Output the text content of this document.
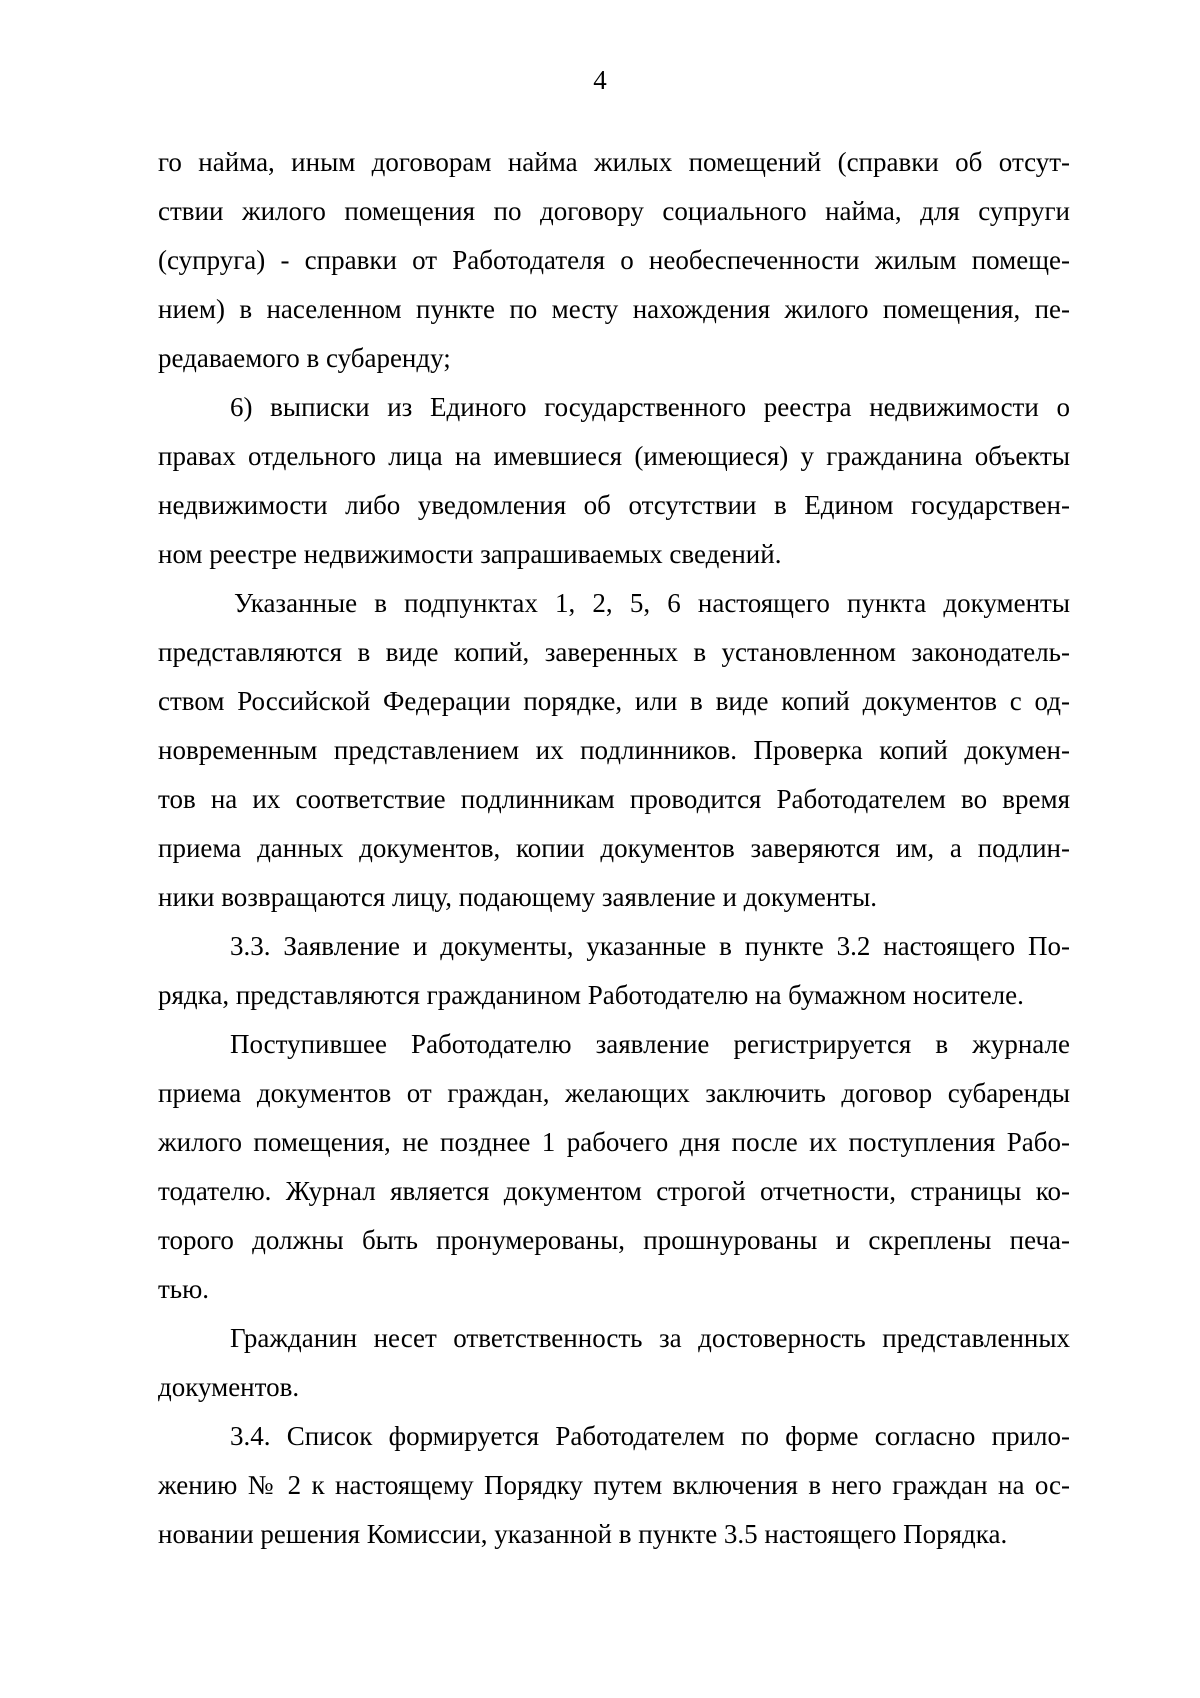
4
го найма, иным договорам найма жилых помещений (справки об отсут-
ствии жилого помещения по договору социального найма, для супруги
(супруга) - справки от Работодателя о необеспеченности жилым помеще-
нием) в населенном пункте по месту нахождения жилого помещения, пе-
редаваемого в субаренду;
6) выписки из Единого государственного реестра недвижимости о
правах отдельного лица на имевшиеся (имеющиеся) у гражданина объекты
недвижимости либо уведомления об отсутствии в Едином государствен-
ном реестре недвижимости запрашиваемых сведений.
Указанные в подпунктах 1, 2, 5, 6 настоящего пункта документы
представляются в виде копий, заверенных в установленном законодатель-
ством Российской Федерации порядке, или в виде копий документов с од-
новременным представлением их подлинников. Проверка копий докумен-
тов на их соответствие подлинникам проводится Работодателем во время
приема данных документов, копии документов заверяются им, а подлин-
ники возвращаются лицу, подающему заявление и документы.
3.3. Заявление и документы, указанные в пункте 3.2 настоящего По-
рядка, представляются гражданином Работодателю на бумажном носителе.
Поступившее Работодателю заявление регистрируется в журнале
приема документов от граждан, желающих заключить договор субаренды
жилого помещения, не позднее 1 рабочего дня после их поступления Рабо-
тодателю. Журнал является документом строгой отчетности, страницы ко-
торого должны быть пронумерованы, прошнурованы и скреплены печа-
тью.
Гражданин несет ответственность за достоверность представленных
документов.
3.4. Список формируется Работодателем по форме согласно прило-
жению № 2 к настоящему Порядку путем включения в него граждан на ос-
новании решения Комиссии, указанной в пункте 3.5 настоящего Порядка.
